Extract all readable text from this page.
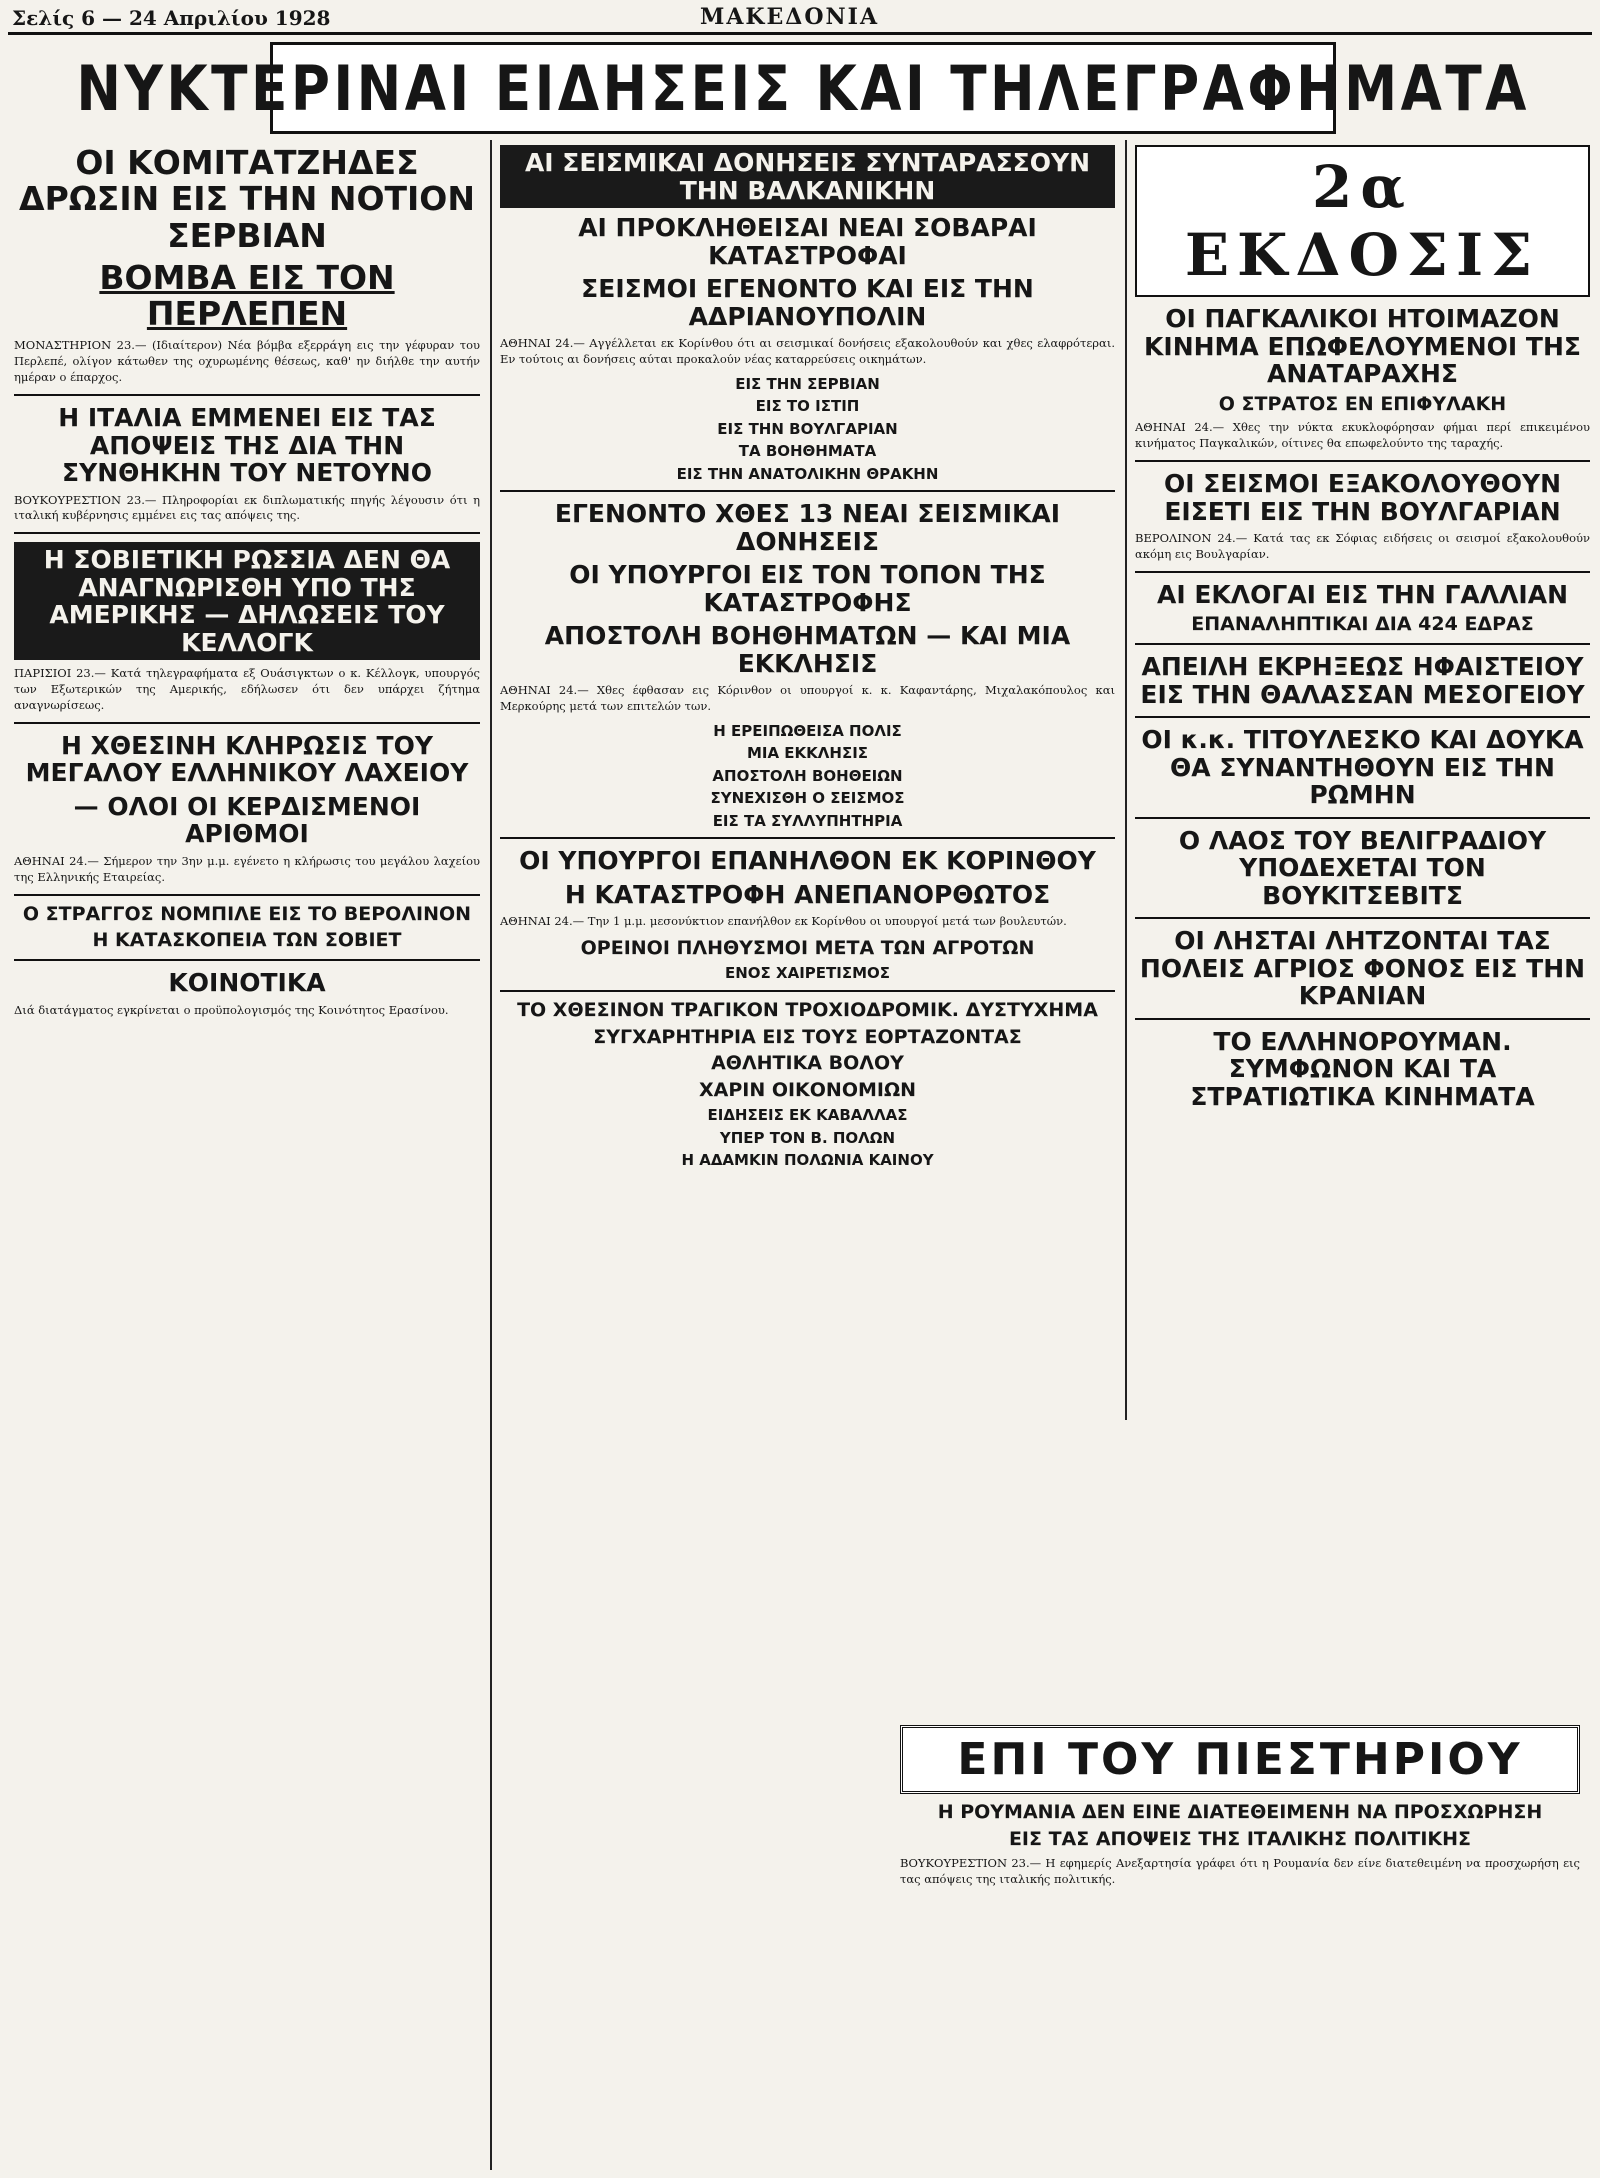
Σελίς 6 — 24 Απριλίου 1928	ΜΑΚΕΔΟΝΙΑ
ΝΥΚΤΕΡΙΝΑΙ ΕΙΔΗΣΕΙΣ ΚΑΙ ΤΗΛΕΓΡΑΦΗΜΑΤΑ
ΟΙ ΚΟΜΙΤΑΤΖΗΔΕΣ ΔΡΩΣΙΝ ΕΙΣ ΤΗΝ ΝΟΤΙΟΝ ΣΕΡΒΙΑΝ
ΒΟΜΒΑ ΕΙΣ ΤΟΝ ΠΕΡΛΕΠΕΝ

ΜΟΝΑΣΤΗΡΙΟΝ 23.— (Ιδιαίτερον) Νέα βόμβα εξερράγη εις την γέφυραν του Περλεπέ, ολίγον κάτωθεν της οχυρωμένης θέσεως, καθ' ην διήλθε την αυτήν ημέραν ο έπαρχος.

Η ΙΤΑΛΙΑ ΕΜΜΕΝΕΙ ΕΙΣ ΤΑΣ ΑΠΟΨΕΙΣ ΤΗΣ ΔΙΑ ΤΗΝ ΣΥΝΘΗΚΗΝ ΤΟΥ ΝΕΤΟΥΝΟ

ΒΟΥΚΟΥΡΕΣΤΙΟΝ 23.— Πληροφορίαι εκ διπλωματικής πηγής λέγουσιν ότι η ιταλική κυβέρνησις εμμένει εις τας απόψεις της.

Η ΣΟΒΙΕΤΙΚΗ ΡΩΣΣΙΑ ΔΕΝ ΘΑ ΑΝΑΓΝΩΡΙΣΘΗ ΥΠΟ ΤΗΣ ΑΜΕΡΙΚΗΣ — ΔΗΛΩΣΕΙΣ ΤΟΥ ΚΕΛΛΟΓΚ

ΠΑΡΙΣΙΟΙ 23.— Κατά τηλεγραφήματα εξ Ουάσιγκτων ο κ. Κέλλογκ, υπουργός των Εξωτερικών της Αμερικής, εδήλωσεν ότι δεν υπάρχει ζήτημα αναγνωρίσεως.

Η ΧΘΕΣΙΝΗ ΚΛΗΡΩΣΙΣ ΤΟΥ ΜΕΓΑΛΟΥ ΕΛΛΗΝΙΚΟΥ ΛΑΧΕΙΟΥ
— ΟΛΟΙ ΟΙ ΚΕΡΔΙΣΜΕΝΟΙ ΑΡΙΘΜΟΙ

ΑΘΗΝΑΙ 24.— Σήμερον την 3ην μ.μ. εγένετο η κλήρωσις του μεγάλου λαχείου της Ελληνικής Εταιρείας.

Ο ΣΤΡΑΓΓΟΣ ΝΟΜΠΙΛΕ ΕΙΣ ΤΟ ΒΕΡΟΛΙΝΟΝ
Η ΚΑΤΑΣΚΟΠΕΙΑ ΤΩΝ ΣΟΒΙΕΤ
ΚΟΙΝΟΤΙΚΑ

Διά διατάγματος εγκρίνεται ο προϋπολογισμός της Κοινότητος Ερασίνου.

ΑΙ ΣΕΙΣΜΙΚΑΙ ΔΟΝΗΣΕΙΣ ΣΥΝΤΑΡΑΣΣΟΥΝ ΤΗΝ ΒΑΛΚΑΝΙΚΗΝ
ΑΙ ΠΡΟΚΛΗΘΕΙΣΑΙ ΝΕΑΙ ΣΟΒΑΡΑΙ ΚΑΤΑΣΤΡΟΦΑΙ
ΣΕΙΣΜΟΙ ΕΓΕΝΟΝΤΟ ΚΑΙ ΕΙΣ ΤΗΝ ΑΔΡΙΑΝΟΥΠΟΛΙΝ

ΑΘΗΝΑΙ 24.— Αγγέλλεται εκ Κορίνθου ότι αι σεισμικαί δονήσεις εξακολουθούν και χθες ελαφρότεραι. Εν τούτοις αι δονήσεις αύται προκαλούν νέας καταρρεύσεις οικημάτων.

ΕΙΣ ΤΗΝ ΣΕΡΒΙΑΝ
ΕΙΣ ΤΟ ΙΣΤΙΠ
ΕΙΣ ΤΗΝ ΒΟΥΛΓΑΡΙΑΝ
ΤΑ ΒΟΗΘΗΜΑΤΑ
ΕΙΣ ΤΗΝ ΑΝΑΤΟΛΙΚΗΝ ΘΡΑΚΗΝ
ΕΓΕΝΟΝΤΟ ΧΘΕΣ 13 ΝΕΑΙ ΣΕΙΣΜΙΚΑΙ ΔΟΝΗΣΕΙΣ
ΟΙ ΥΠΟΥΡΓΟΙ ΕΙΣ ΤΟΝ ΤΟΠΟΝ ΤΗΣ ΚΑΤΑΣΤΡΟΦΗΣ
ΑΠΟΣΤΟΛΗ ΒΟΗΘΗΜΑΤΩΝ — ΚΑΙ ΜΙΑ ΕΚΚΛΗΣΙΣ

ΑΘΗΝΑΙ 24.— Χθες έφθασαν εις Κόρινθον οι υπουργοί κ. κ. Καφαντάρης, Μιχαλακόπουλος και Μερκούρης μετά των επιτελών των.

Η ΕΡΕΙΠΩΘΕΙΣΑ ΠΟΛΙΣ
ΜΙΑ ΕΚΚΛΗΣΙΣ
ΑΠΟΣΤΟΛΗ ΒΟΗΘΕΙΩΝ
ΣΥΝΕΧΙΣΘΗ Ο ΣΕΙΣΜΟΣ
ΕΙΣ ΤΑ ΣΥΛΛΥΠΗΤΗΡΙΑ
ΟΙ ΥΠΟΥΡΓΟΙ ΕΠΑΝΗΛΘΟΝ ΕΚ ΚΟΡΙΝΘΟΥ
Η ΚΑΤΑΣΤΡΟΦΗ ΑΝΕΠΑΝΟΡΘΩΤΟΣ

ΑΘΗΝΑΙ 24.— Την 1 μ.μ. μεσονύκτιον επανήλθον εκ Κορίνθου οι υπουργοί μετά των βουλευτών.

ΟΡΕΙΝΟΙ ΠΛΗΘΥΣΜΟΙ ΜΕΤΑ ΤΩΝ ΑΓΡΟΤΩΝ
ΕΝΟΣ ΧΑΙΡΕΤΙΣΜΟΣ
ΤΟ ΧΘΕΣΙΝΟΝ ΤΡΑΓΙΚΟΝ ΤΡΟΧΙΟΔΡΟΜΙΚ. ΔΥΣΤΥΧΗΜΑ
ΣΥΓΧΑΡΗΤΗΡΙΑ ΕΙΣ ΤΟΥΣ ΕΟΡΤΑΖΟΝΤΑΣ
ΑΘΛΗΤΙΚΑ ΒΟΛΟΥ
ΧΑΡΙΝ ΟΙΚΟΝΟΜΙΩΝ
ΕΙΔΗΣΕΙΣ ΕΚ ΚΑΒΑΛΛΑΣ
ΥΠΕΡ ΤΟΝ Β. ΠΟΛΩΝ
Η ΑΔΑΜΚΙΝ ΠΟΛΩΝΙΑ ΚΑΙΝΟΥ
2α ΕΚΔΟΣΙΣ
ΟΙ ΠΑΓΚΑΛΙΚΟΙ ΗΤΟΙΜΑΖΟΝ ΚΙΝΗΜΑ ΕΠΩΦΕΛΟΥΜΕΝΟΙ ΤΗΣ ΑΝΑΤΑΡΑΧΗΣ
Ο ΣΤΡΑΤΟΣ ΕΝ ΕΠΙΦΥΛΑΚΗ

ΑΘΗΝΑΙ 24.— Χθες την νύκτα εκυκλοφόρησαν φήμαι περί επικειμένου κινήματος Παγκαλικών, οίτινες θα επωφελούντο της ταραχής.

ΟΙ ΣΕΙΣΜΟΙ ΕΞΑΚΟΛΟΥΘΟΥΝ ΕΙΣΕΤΙ ΕΙΣ ΤΗΝ ΒΟΥΛΓΑΡΙΑΝ

ΒΕΡΟΛΙΝΟΝ 24.— Κατά τας εκ Σόφιας ειδήσεις οι σεισμοί εξακολουθούν ακόμη εις Βουλγαρίαν.

ΑΙ ΕΚΛΟΓΑΙ ΕΙΣ ΤΗΝ ΓΑΛΛΙΑΝ
ΕΠΑΝΑΛΗΠΤΙΚΑΙ ΔΙΑ 424 ΕΔΡΑΣ
ΑΠΕΙΛΗ ΕΚΡΗΞΕΩΣ ΗΦΑΙΣΤΕΙΟΥ ΕΙΣ ΤΗΝ ΘΑΛΑΣΣΑΝ ΜΕΣΟΓΕΙΟΥ
ΟΙ κ.κ. ΤΙΤΟΥΛΕΣΚΟ ΚΑΙ ΔΟΥΚΑ ΘΑ ΣΥΝΑΝΤΗΘΟΥΝ ΕΙΣ ΤΗΝ ΡΩΜΗΝ
Ο ΛΑΟΣ ΤΟΥ ΒΕΛΙΓΡΑΔΙΟΥ ΥΠΟΔΕΧΕΤΑΙ ΤΟΝ ΒΟΥΚΙΤΣΕΒΙΤΣ
ΟΙ ΛΗΣΤΑΙ ΛΗΤΖΟΝΤΑΙ ΤΑΣ ΠΟΛΕΙΣ ΑΓΡΙΟΣ ΦΟΝΟΣ ΕΙΣ ΤΗΝ ΚΡΑΝΙΑΝ
ΤΟ ΕΛΛΗΝΟΡΟΥΜΑΝ. ΣΥΜΦΩΝΟΝ ΚΑΙ ΤΑ ΣΤΡΑΤΙΩΤΙΚΑ ΚΙΝΗΜΑΤΑ
ΕΠΙ ΤΟΥ ΠΙΕΣΤΗΡΙΟΥ
Η ΡΟΥΜΑΝΙΑ ΔΕΝ ΕΙΝΕ ΔΙΑΤΕΘΕΙΜΕΝΗ ΝΑ ΠΡΟΣΧΩΡΗΣΗ
ΕΙΣ ΤΑΣ ΑΠΟΨΕΙΣ ΤΗΣ ΙΤΑΛΙΚΗΣ ΠΟΛΙΤΙΚΗΣ

ΒΟΥΚΟΥΡΕΣΤΙΟΝ 23.— Η εφημερίς Ανεξαρτησία γράφει ότι η Ρουμανία δεν είνε διατεθειμένη να προσχωρήση εις τας απόψεις της ιταλικής πολιτικής.
